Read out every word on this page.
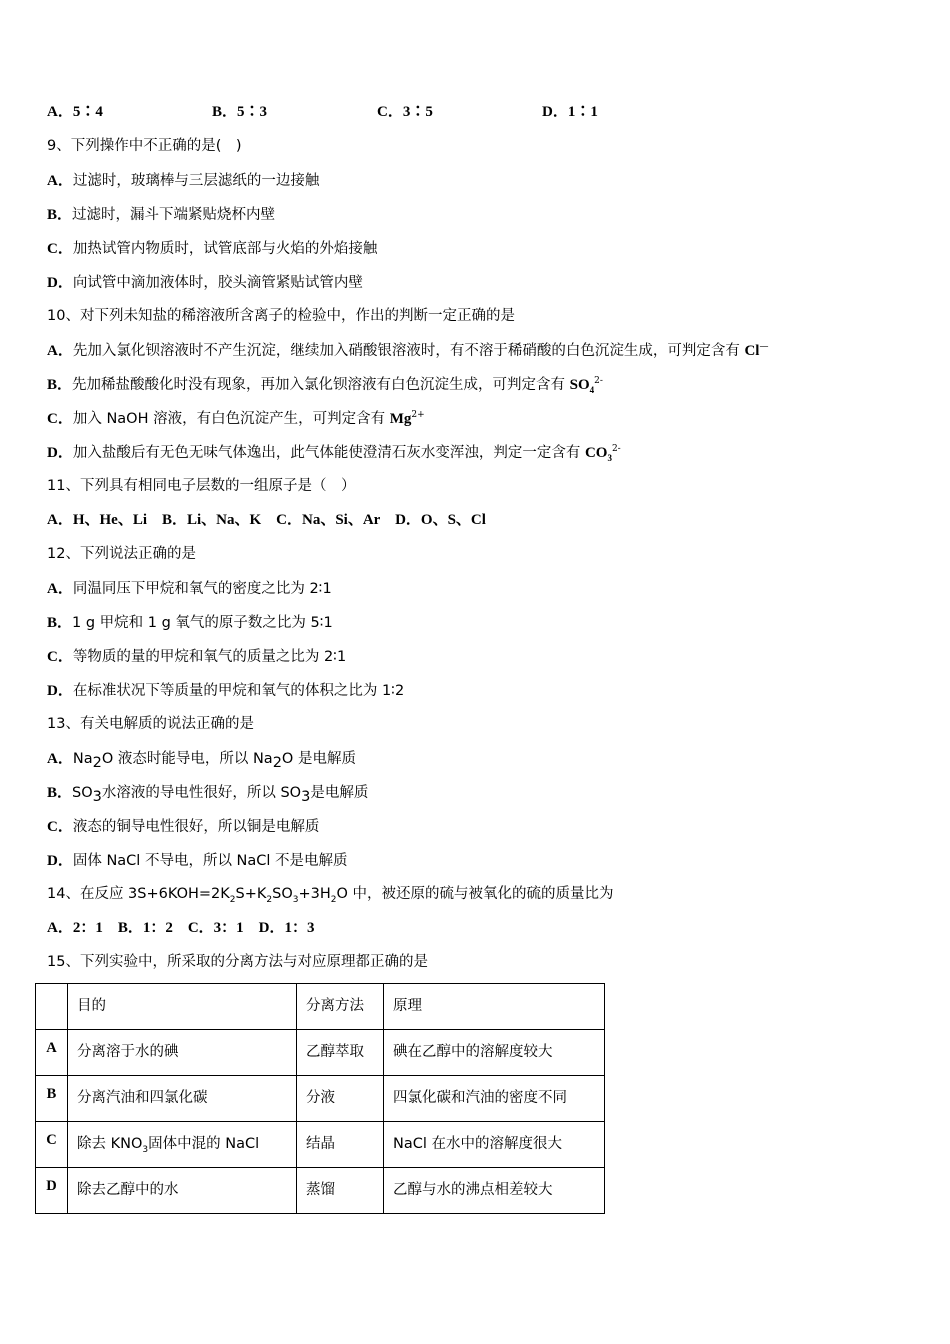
A．5∶4	B．5∶3	C．3∶5	D．1∶1
9、下列操作中不正确的是(　)
A．过滤时，玻璃棒与三层滤纸的一边接触
B．过滤时，漏斗下端紧贴烧杯内壁
C．加热试管内物质时，试管底部与火焰的外焰接触
D．向试管中滴加液体时，胶头滴管紧贴试管内壁
10、对下列未知盐的稀溶液所含离子的检验中，作出的判断一定正确的是
A．先加入氯化钡溶液时不产生沉淀，继续加入硝酸银溶液时，有不溶于稀硝酸的白色沉淀生成，可判定含有 Cl—
B．先加稀盐酸酸化时没有现象，再加入氯化钡溶液有白色沉淀生成，可判定含有 $SO_4^{2-}$
C．加入 NaOH 溶液，有白色沉淀产生，可判定含有 $Mg^{2+}$
D．加入盐酸后有无色无味气体逸出，此气体能使澄清石灰水变浑浊，判定一定含有 $CO_3^{2-}$
11、下列具有相同电子层数的一组原子是（　）
A．H、He、Li　B．Li、Na、K　C．Na、Si、Ar　D．O、S、Cl
12、下列说法正确的是
A．同温同压下甲烷和氧气的密度之比为 2∶1
B．1 g 甲烷和 1 g 氧气的原子数之比为 5∶1
C．等物质的量的甲烷和氧气的质量之比为 2∶1
D．在标准状况下等质量的甲烷和氧气的体积之比为 1∶2
13、有关电解质的说法正确的是
A．$Na_2O$ 液态时能导电，所以 $Na_2O$ 是电解质
B．$SO_3$水溶液的导电性很好，所以 $SO_3$是电解质
C．液态的铜导电性很好，所以铜是电解质
D．固体 NaCl 不导电，所以 NaCl 不是电解质
14、在反应 $3S+6KOH=2K_2S+K_2SO_3+3H_2O$ 中，被还原的硫与被氧化的硫的质量比为
A．2：1　B．1：2　C．3：1　D．1：3
15、下列实验中，所采取的分离方法与对应原理都正确的是
	目的	分离方法	原理
A	分离溶于水的碘	乙醇萃取	碘在乙醇中的溶解度较大
B	分离汽油和四氯化碳	分液	四氯化碳和汽油的密度不同
C	除去 $KNO_3$固体中混的 NaCl	结晶	NaCl 在水中的溶解度很大
D	除去乙醇中的水	蒸馏	乙醇与水的沸点相差较大
